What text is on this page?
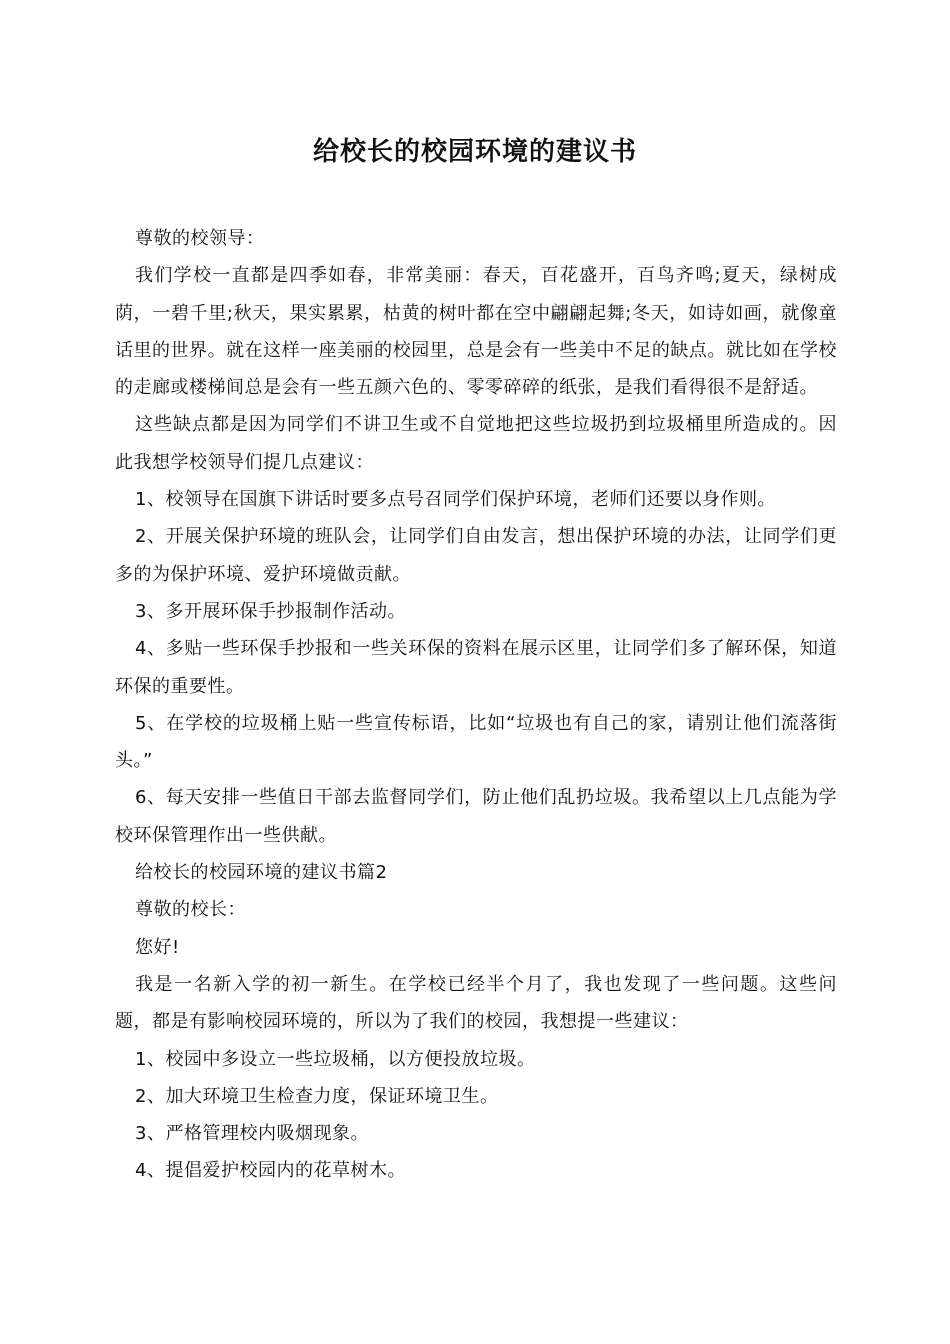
给校长的校园环境的建议书

尊敬的校领导：

我们学校一直都是四季如春，非常美丽：春天，百花盛开，百鸟齐鸣;夏天，绿树成荫，一碧千里;秋天，果实累累，枯黄的树叶都在空中翩翩起舞;冬天，如诗如画，就像童话里的世界。就在这样一座美丽的校园里，总是会有一些美中不足的缺点。就比如在学校的走廊或楼梯间总是会有一些五颜六色的、零零碎碎的纸张，是我们看得很不是舒适。

这些缺点都是因为同学们不讲卫生或不自觉地把这些垃圾扔到垃圾桶里所造成的。因此我想学校领导们提几点建议：

1、校领导在国旗下讲话时要多点号召同学们保护环境，老师们还要以身作则。

2、开展关保护环境的班队会，让同学们自由发言，想出保护环境的办法，让同学们更多的为保护环境、爱护环境做贡献。

3、多开展环保手抄报制作活动。

4、多贴一些环保手抄报和一些关环保的资料在展示区里，让同学们多了解环保，知道环保的重要性。

5、在学校的垃圾桶上贴一些宣传标语，比如“垃圾也有自己的家，请别让他们流落街头。”

6、每天安排一些值日干部去监督同学们，防止他们乱扔垃圾。我希望以上几点能为学校环保管理作出一些供献。

给校长的校园环境的建议书篇2

尊敬的校长：

您好!

我是一名新入学的初一新生。在学校已经半个月了，我也发现了一些问题。这些问题，都是有影响校园环境的，所以为了我们的校园，我想提一些建议：

1、校园中多设立一些垃圾桶，以方便投放垃圾。

2、加大环境卫生检查力度，保证环境卫生。

3、严格管理校内吸烟现象。

4、提倡爱护校园内的花草树木。
